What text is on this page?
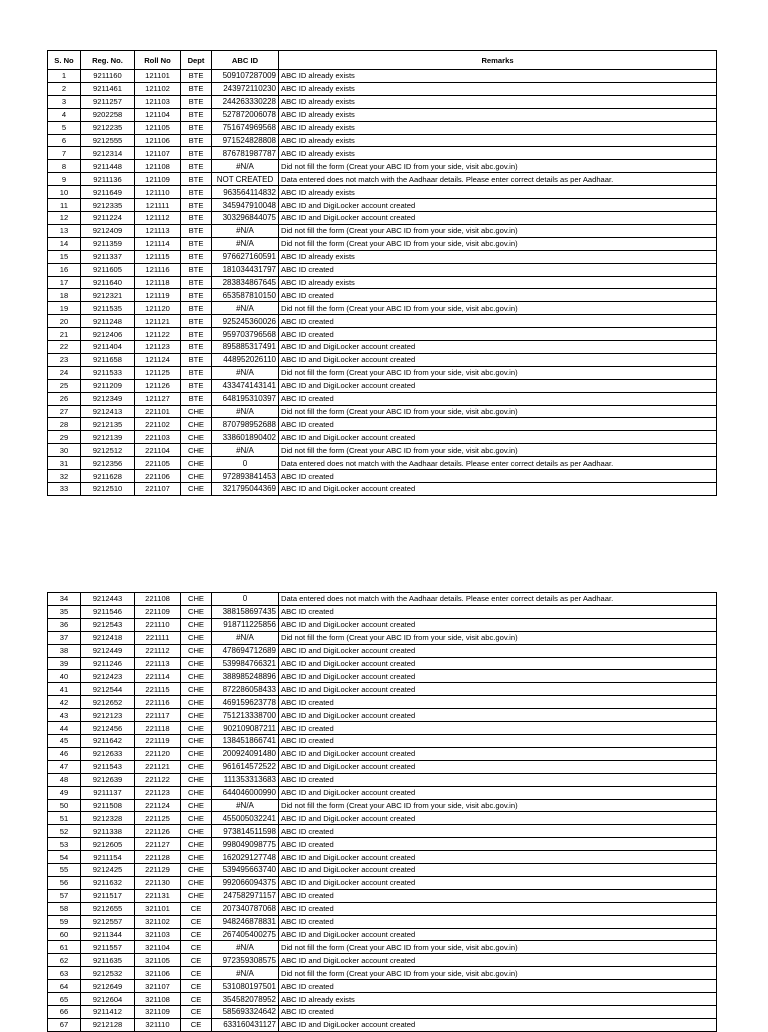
S. No	Reg. No.	Roll No	Dept	ABC ID	Remarks
1	9211160	121101	BTE	509107287009	ABC ID already exists
2	9211461	121102	BTE	243972110230	ABC ID already exists
3	9211257	121103	BTE	244263330228	ABC ID already exists
4	9202258	121104	BTE	527872006078	ABC ID already exists
5	9212235	121105	BTE	751674969568	ABC ID already exists
6	9212555	121106	BTE	971524828808	ABC ID already exists
7	9212314	121107	BTE	876781987787	ABC ID already exists
8	9211448	121108	BTE	#N/A	Did not fill the form (Creat your ABC ID from your side, visit abc.gov.in)
9	9211136	121109	BTE	NOT CREATED	Data entered does not match with the Aadhaar details. Please enter correct details as per Aadhaar.
10	9211649	121110	BTE	963564114832	ABC ID already exists
11	9212335	121111	BTE	345947910048	ABC ID and DigiLocker account created
12	9211224	121112	BTE	303296844075	ABC ID and DigiLocker account created
13	9212409	121113	BTE	#N/A	Did not fill the form (Creat your ABC ID from your side, visit abc.gov.in)
14	9211359	121114	BTE	#N/A	Did not fill the form (Creat your ABC ID from your side, visit abc.gov.in)
15	9211337	121115	BTE	976627160591	ABC ID already exists
16	9211605	121116	BTE	181034431797	ABC ID created
17	9211640	121118	BTE	283834867645	ABC ID already exists
18	9212321	121119	BTE	653587810150	ABC ID created
19	9211535	121120	BTE	#N/A	Did not fill the form (Creat your ABC ID from your side, visit abc.gov.in)
20	9211248	121121	BTE	925245360026	ABC ID created
21	9212406	121122	BTE	959703796568	ABC ID created
22	9211404	121123	BTE	895885317491	ABC ID and DigiLocker account created
23	9211658	121124	BTE	448952026110	ABC ID and DigiLocker account created
24	9211533	121125	BTE	#N/A	Did not fill the form (Creat your ABC ID from your side, visit abc.gov.in)
25	9211209	121126	BTE	433474143141	ABC ID and DigiLocker account created
26	9212349	121127	BTE	648195310397	ABC ID created
27	9212413	221101	CHE	#N/A	Did not fill the form (Creat your ABC ID from your side, visit abc.gov.in)
28	9212135	221102	CHE	870798952688	ABC ID created
29	9212139	221103	CHE	338601890402	ABC ID and DigiLocker account created
30	9212512	221104	CHE	#N/A	Did not fill the form (Creat your ABC ID from your side, visit abc.gov.in)
31	9212356	221105	CHE	0	Data entered does not match with the Aadhaar details. Please enter correct details as per Aadhaar.
32	9211628	221106	CHE	972893841453	ABC ID created
33	9212510	221107	CHE	321795044369	ABC ID and DigiLocker account created
34	9212443	221108	CHE	0	Data entered does not match with the Aadhaar details. Please enter correct details as per Aadhaar.
35	9211546	221109	CHE	388158697435	ABC ID created
36	9212543	221110	CHE	918711225856	ABC ID and DigiLocker account created
37	9212418	221111	CHE	#N/A	Did not fill the form (Creat your ABC ID from your side, visit abc.gov.in)
38	9212449	221112	CHE	478694712689	ABC ID and DigiLocker account created
39	9211246	221113	CHE	539984766321	ABC ID and DigiLocker account created
40	9212423	221114	CHE	388985248896	ABC ID and DigiLocker account created
41	9212544	221115	CHE	872286058433	ABC ID and DigiLocker account created
42	9212652	221116	CHE	469159623778	ABC ID created
43	9212123	221117	CHE	751213338700	ABC ID and DigiLocker account created
44	9212456	221118	CHE	902109087211	ABC ID created
45	9211642	221119	CHE	138451866741	ABC ID created
46	9212633	221120	CHE	200924091480	ABC ID and DigiLocker account created
47	9211543	221121	CHE	961614572522	ABC ID and DigiLocker account created
48	9212639	221122	CHE	111353313683	ABC ID created
49	9211137	221123	CHE	644046000990	ABC ID and DigiLocker account created
50	9211508	221124	CHE	#N/A	Did not fill the form (Creat your ABC ID from your side, visit abc.gov.in)
51	9212328	221125	CHE	455005032241	ABC ID and DigiLocker account created
52	9211338	221126	CHE	973814511598	ABC ID created
53	9212605	221127	CHE	998049098775	ABC ID created
54	9211154	221128	CHE	162029127748	ABC ID and DigiLocker account created
55	9212425	221129	CHE	539495663740	ABC ID and DigiLocker account created
56	9211632	221130	CHE	992066094375	ABC ID and DigiLocker account created
57	9211517	221131	CHE	247582971157	ABC ID created
58	9212655	321101	CE	207340787068	ABC ID created
59	9212557	321102	CE	948246878831	ABC ID created
60	9211344	321103	CE	267405400275	ABC ID and DigiLocker account created
61	9211557	321104	CE	#N/A	Did not fill the form (Creat your ABC ID from your side, visit abc.gov.in)
62	9211635	321105	CE	972359308575	ABC ID and DigiLocker account created
63	9212532	321106	CE	#N/A	Did not fill the form (Creat your ABC ID from your side, visit abc.gov.in)
64	9212649	321107	CE	531080197501	ABC ID created
65	9212604	321108	CE	354582078952	ABC ID already exists
66	9211412	321109	CE	585693324642	ABC ID created
67	9212128	321110	CE	633160431127	ABC ID and DigiLocker account created
